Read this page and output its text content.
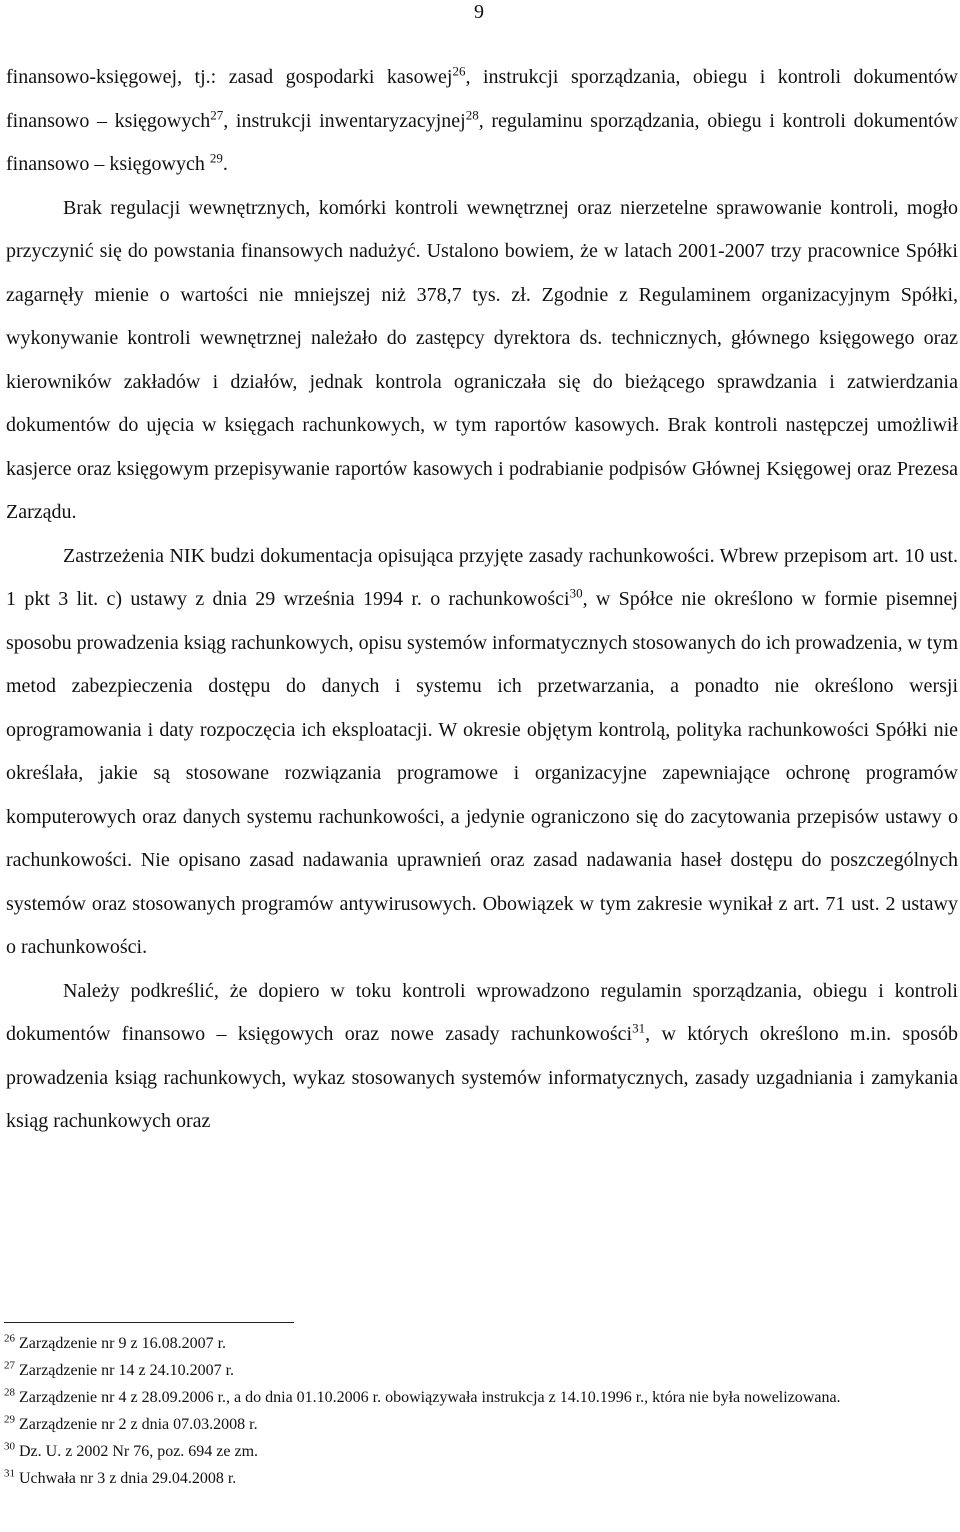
9

finansowo-księgowej, tj.: zasad gospodarki kasowej$^{26}$, instrukcji sporządzania, obiegu i kontroli dokumentów finansowo – księgowych$^{27}$, instrukcji inwentaryzacyjnej$^{28}$, regulaminu sporządzania, obiegu i kontroli dokumentów finansowo – księgowych $^{29}$.

Brak regulacji wewnętrznych, komórki kontroli wewnętrznej oraz nierzetelne sprawowanie kontroli, mogło przyczynić się do powstania finansowych nadużyć. Ustalono bowiem, że w latach 2001-2007 trzy pracownice Spółki zagarnęły mienie o wartości nie mniejszej niż 378,7 tys. zł. Zgodnie z Regulaminem organizacyjnym Spółki, wykonywanie kontroli wewnętrznej należało do zastępcy dyrektora ds. technicznych, głównego księgowego oraz kierowników zakładów i działów, jednak kontrola ograniczała się do bieżącego sprawdzania i zatwierdzania dokumentów do ujęcia w księgach rachunkowych, w tym raportów kasowych. Brak kontroli następczej umożliwił kasjerce oraz księgowym przepisywanie raportów kasowych i podrabianie podpisów Głównej Księgowej oraz Prezesa Zarządu.

Zastrzeżenia NIK budzi dokumentacja opisująca przyjęte zasady rachunkowości. Wbrew przepisom art. 10 ust. 1 pkt 3 lit. c) ustawy z dnia 29 września 1994 r. o rachunkowości$^{30}$, w Spółce nie określono w formie pisemnej sposobu prowadzenia ksiąg rachunkowych, opisu systemów informatycznych stosowanych do ich prowadzenia, w tym metod zabezpieczenia dostępu do danych i systemu ich przetwarzania, a ponadto nie określono wersji oprogramowania i daty rozpoczęcia ich eksploatacji. W okresie objętym kontrolą, polityka rachunkowości Spółki nie określała, jakie są stosowane rozwiązania programowe i organizacyjne zapewniające ochronę programów komputerowych oraz danych systemu rachunkowości, a jedynie ograniczono się do zacytowania przepisów ustawy o rachunkowości. Nie opisano zasad nadawania uprawnień oraz zasad nadawania haseł dostępu do poszczególnych systemów oraz stosowanych programów antywirusowych. Obowiązek w tym zakresie wynikał z art. 71 ust. 2 ustawy o rachunkowości.

Należy podkreślić, że dopiero w toku kontroli wprowadzono regulamin sporządzania, obiegu i kontroli dokumentów finansowo – księgowych oraz nowe zasady rachunkowości$^{31}$, w których określono m.in. sposób prowadzenia ksiąg rachunkowych, wykaz stosowanych systemów informatycznych, zasady uzgadniania i zamykania ksiąg rachunkowych oraz

$^{26}$ Zarządzenie nr 9 z 16.08.2007 r.

$^{27}$ Zarządzenie nr 14 z 24.10.2007 r.

$^{28}$ Zarządzenie nr 4 z 28.09.2006 r., a do dnia 01.10.2006 r. obowiązywała instrukcja z 14.10.1996 r., która nie była nowelizowana.

$^{29}$ Zarządzenie nr 2 z dnia 07.03.2008 r.

$^{30}$ Dz. U. z 2002 Nr 76, poz. 694 ze zm.

$^{31}$ Uchwała nr 3 z dnia 29.04.2008 r.
